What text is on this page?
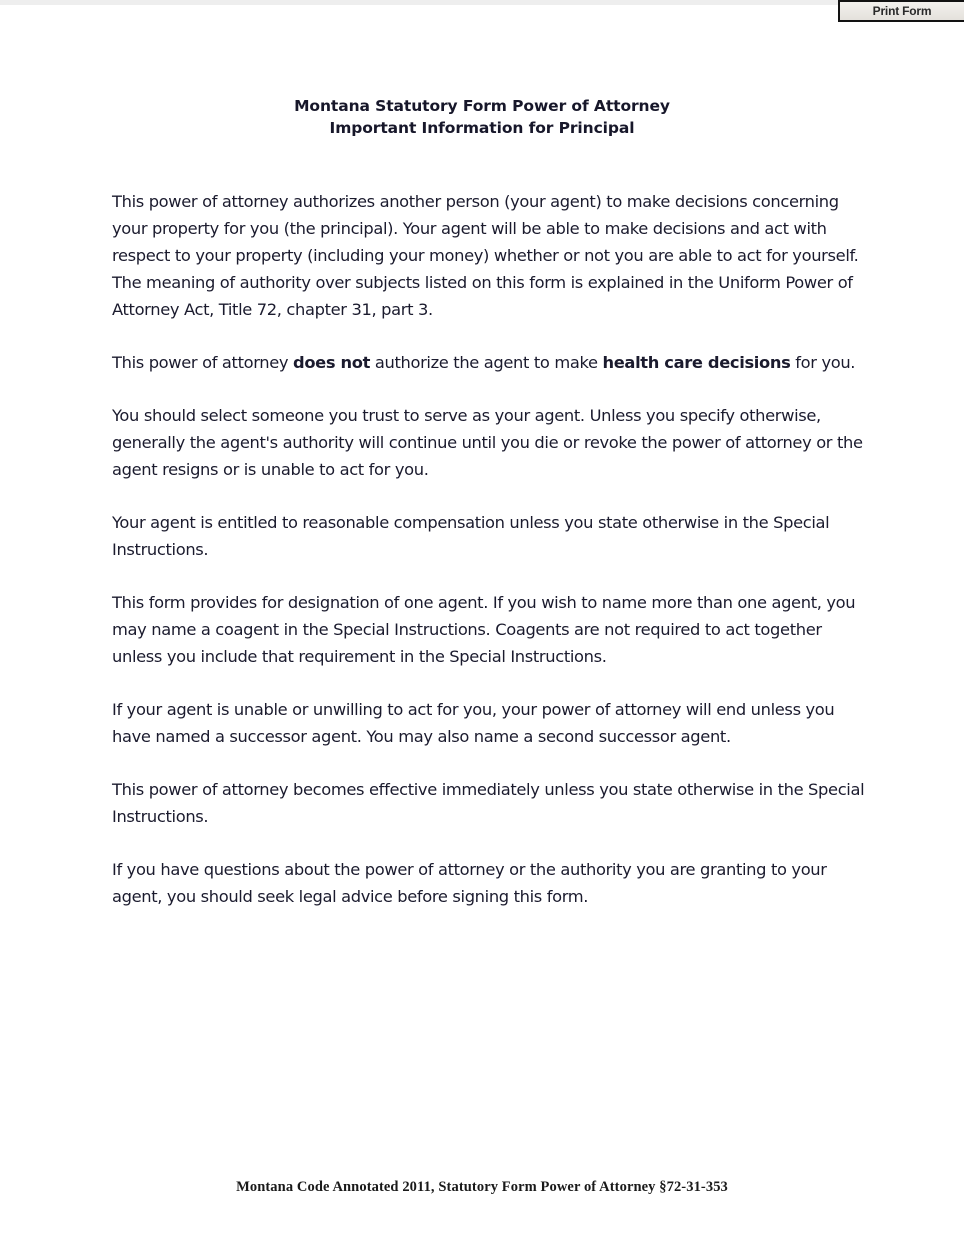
Montana Statutory Form Power of Attorney
Important Information for Principal

This power of attorney authorizes another person (your agent) to make decisions concerning your property for you (the principal). Your agent will be able to make decisions and act with respect to your property (including your money) whether or not you are able to act for yourself. The meaning of authority over subjects listed on this form is explained in the Uniform Power of Attorney Act, Title 72, chapter 31, part 3.

This power of attorney does not authorize the agent to make health care decisions for you.

You should select someone you trust to serve as your agent. Unless you specify otherwise, generally the agent's authority will continue until you die or revoke the power of attorney or the agent resigns or is unable to act for you.

Your agent is entitled to reasonable compensation unless you state otherwise in the Special Instructions.

This form provides for designation of one agent. If you wish to name more than one agent, you may name a coagent in the Special Instructions. Coagents are not required to act together unless you include that requirement in the Special Instructions.

If your agent is unable or unwilling to act for you, your power of attorney will end unless you have named a successor agent. You may also name a second successor agent.

This power of attorney becomes effective immediately unless you state otherwise in the Special Instructions.

If you have questions about the power of attorney or the authority you are granting to your agent, you should seek legal advice before signing this form.

Montana Code Annotated 2011, Statutory Form Power of Attorney §72-31-353
Print Form
